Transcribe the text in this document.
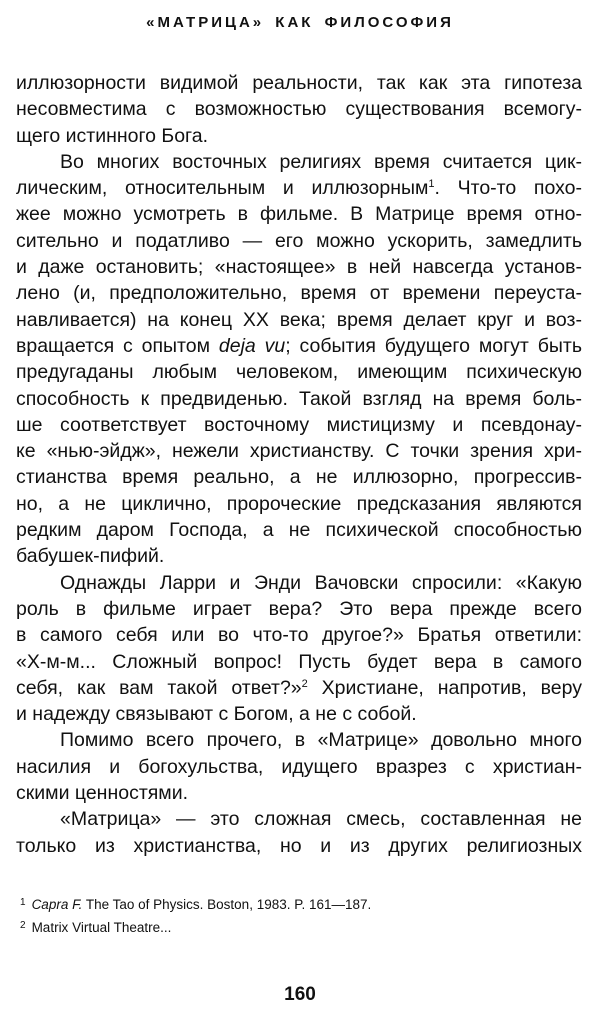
«МАТРИЦА» КАК ФИЛОСОФИЯ
иллюзорности видимой реальности, так как эта гипотеза
несовместима с возможностью существования всемогу-
щего истинного Бога.
Во многих восточных религиях время считается цик-
лическим, относительным и иллюзорным$^1$. Что-то похо-
жее можно усмотреть в фильме. В Матрице время отно-
сительно и податливо — его можно ускорить, замедлить
и даже остановить; «настоящее» в ней навсегда установ-
лено (и, предположительно, время от времени переуста-
навливается) на конец XX века; время делает круг и воз-
вращается с опытом deja vu; события будущего могут быть
предугаданы любым человеком, имеющим психическую
способность к предвиденью. Такой взгляд на время боль-
ше соответствует восточному мистицизму и псевдонау-
ке «нью-эйдж», нежели христианству. С точки зрения хри-
стианства время реально, а не иллюзорно, прогрессив-
но, а не циклично, пророческие предсказания являются
редким даром Господа, а не психической способностью
бабушек-пифий.
Однажды Ларри и Энди Вачовски спросили: «Какую
роль в фильме играет вера? Это вера прежде всего
в самого себя или во что-то другое?» Братья ответили:
«Х-м-м... Сложный вопрос! Пусть будет вера в самого
себя, как вам такой ответ?»$^2$ Христиане, напротив, веру
и надежду связывают с Богом, а не с собой.
Помимо всего прочего, в «Матрице» довольно много
насилия и богохульства, идущего вразрез с христиан-
скими ценностями.
«Матрица» — это сложная смесь, составленная не
только из христианства, но и из других религиозных
$^1$ Capra F. The Tao of Physics. Boston, 1983. P. 161—187.
$^2$ Matrix Virtual Theatre...
160
